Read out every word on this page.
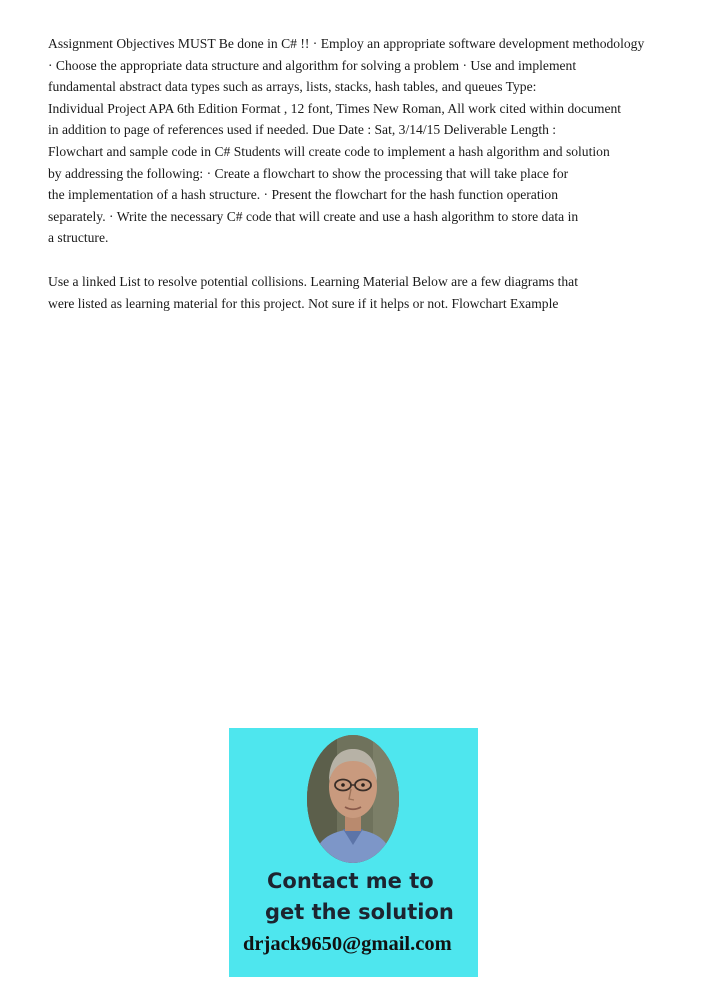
Assignment Objectives MUST Be done in C# !! · Employ an appropriate software development methodology
· Choose the appropriate data structure and algorithm for solving a problem · Use and implement
fundamental abstract data types such as arrays, lists, stacks, hash tables, and queues Type:
Individual Project APA 6th Edition Format , 12 font, Times New Roman, All work cited within document
in addition to page of references used if needed. Due Date : Sat, 3/14/15 Deliverable Length :
Flowchart and sample code in C# Students will create code to implement a hash algorithm and solution
by addressing the following: · Create a flowchart to show the processing that will take place for
the implementation of a hash structure. · Present the flowchart for the hash function operation
separately. · Write the necessary C# code that will create and use a hash algorithm to store data in
a structure.
Use a linked List to resolve potential collisions. Learning Material Below are a few diagrams that
were listed as learning material for this project. Not sure if it helps or not. Flowchart Example
Contact me to
get the solution
drjack9650@gmail.com
